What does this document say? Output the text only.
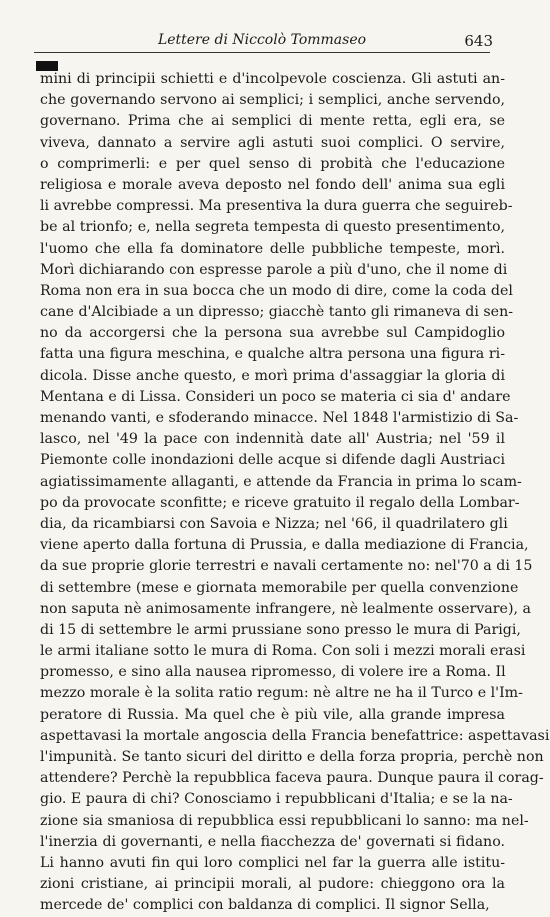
Lettere di Niccolò Tommaseo	643
mini di principii schietti e d'incolpevole coscienza. Gli astuti an-
che governando servono ai semplici; i semplici, anche servendo,
governano. Prima che ai semplici di mente retta, egli era, se
viveva, dannato a servire agli astuti suoi complici. O servire,
o comprimerli: e per quel senso di probità che l'educazione
religiosa e morale aveva deposto nel fondo dell' anima sua egli
li avrebbe compressi. Ma presentiva la dura guerra che seguireb-
be al trionfo; e, nella segreta tempesta di questo presentimento,
l'uomo che ella fa dominatore delle pubbliche tempeste, morì.
Morì dichiarando con espresse parole a più d'uno, che il nome di
Roma non era in sua bocca che un modo di dire, come la coda del
cane d'Alcibiade a un dipresso; giacchè tanto gli rimaneva di sen-
no da accorgersi che la persona sua avrebbe sul Campidoglio
fatta una figura meschina, e qualche altra persona una figura ri-
dicola. Disse anche questo, e morì prima d'assaggiar la gloria di
Mentana e di Lissa. Consideri un poco se materia ci sia d' andare
menando vanti, e sfoderando minacce. Nel 1848 l'armistizio di Sa-
lasco, nel '49 la pace con indennità date all' Austria; nel '59 il
Piemonte colle inondazioni delle acque si difende dagli Austriaci
agiatissimamente allaganti, e attende da Francia in prima lo scam-
po da provocate sconfitte; e riceve gratuito il regalo della Lombar-
dia, da ricambiarsi con Savoia e Nizza; nel '66, il quadrilatero gli
viene aperto dalla fortuna di Prussia, e dalla mediazione di Francia,
da sue proprie glorie terrestri e navali certamente no: nel'70 a di 15
di settembre (mese e giornata memorabile per quella convenzione
non saputa nè animosamente infrangere, nè lealmente osservare), a
di 15 di settembre le armi prussiane sono presso le mura di Parigi,
le armi italiane sotto le mura di Roma. Con soli i mezzi morali erasi
promesso, e sino alla nausea ripromesso, di volere ire a Roma. Il
mezzo morale è la solita ratio regum: nè altre ne ha il Turco e l'Im-
peratore di Russia. Ma quel che è più vile, alla grande impresa
aspettavasi la mortale angoscia della Francia benefattrice: aspettavasi
l'impunità. Se tanto sicuri del diritto e della forza propria, perchè non
attendere? Perchè la repubblica faceva paura. Dunque paura il corag-
gio. E paura di chi? Conosciamo i repubblicani d'Italia; e se la na-
zione sia smaniosa di repubblica essi repubblicani lo sanno: ma nel-
l'inerzia di governanti, e nella fiacchezza de' governati si fidano.
Li hanno avuti fin qui loro complici nel far la guerra alle istitu-
zioni cristiane, ai principii morali, al pudore: chieggono ora la
mercede de' complici con baldanza di complici. Il signor Sella,
